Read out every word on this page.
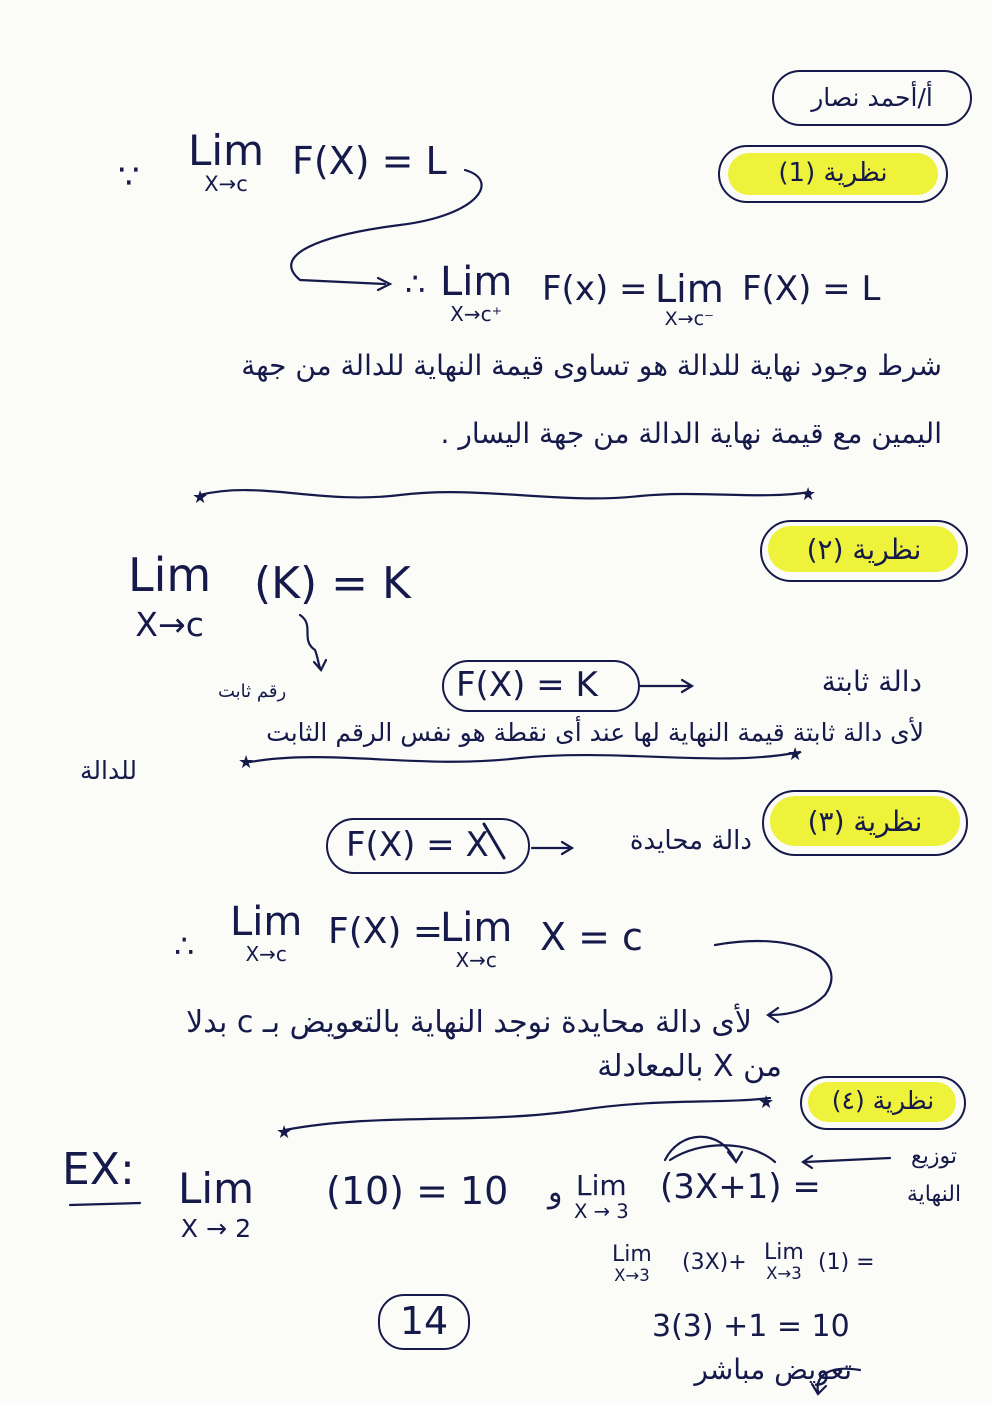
★	★
★	★
★
★
أ/أحمد نصار
نظرية (1)
∵
Lim
X→c
F(X) = L
∴ Lim
X→c⁺
F(x) = Lim
X→c⁻
F(X) = L
شرط وجود نهاية للدالة هو تساوى قيمة النهاية للدالة من جهة
اليمين مع قيمة نهاية الدالة من جهة اليسار .
نظرية (٢)
Lim
X→c
(K) = K
رقم ثابت	F(X) = K	دالة ثابتة
لأى دالة ثابتة قيمة النهاية لها عند أى نقطة هو نفس الرقم الثابت
للدالة
نظرية (٣)
F(X) = X	دالة محايدة
∴
Lim
X→c
F(X) =
Lim
X→c
X = c
لأى دالة محايدة نوجد النهاية بالتعويض بـ c بدلا
من X بالمعادلة
نظرية (٤)
توزيع
النهاية
EX: Lim
X → 2
(10) = 10 و Lim
X → 3
(3X+1) =
Lim
X→3
(3X)+ Lim
X→3 (1) =
3(3) +1 = 10
تعويض مباشر
14
